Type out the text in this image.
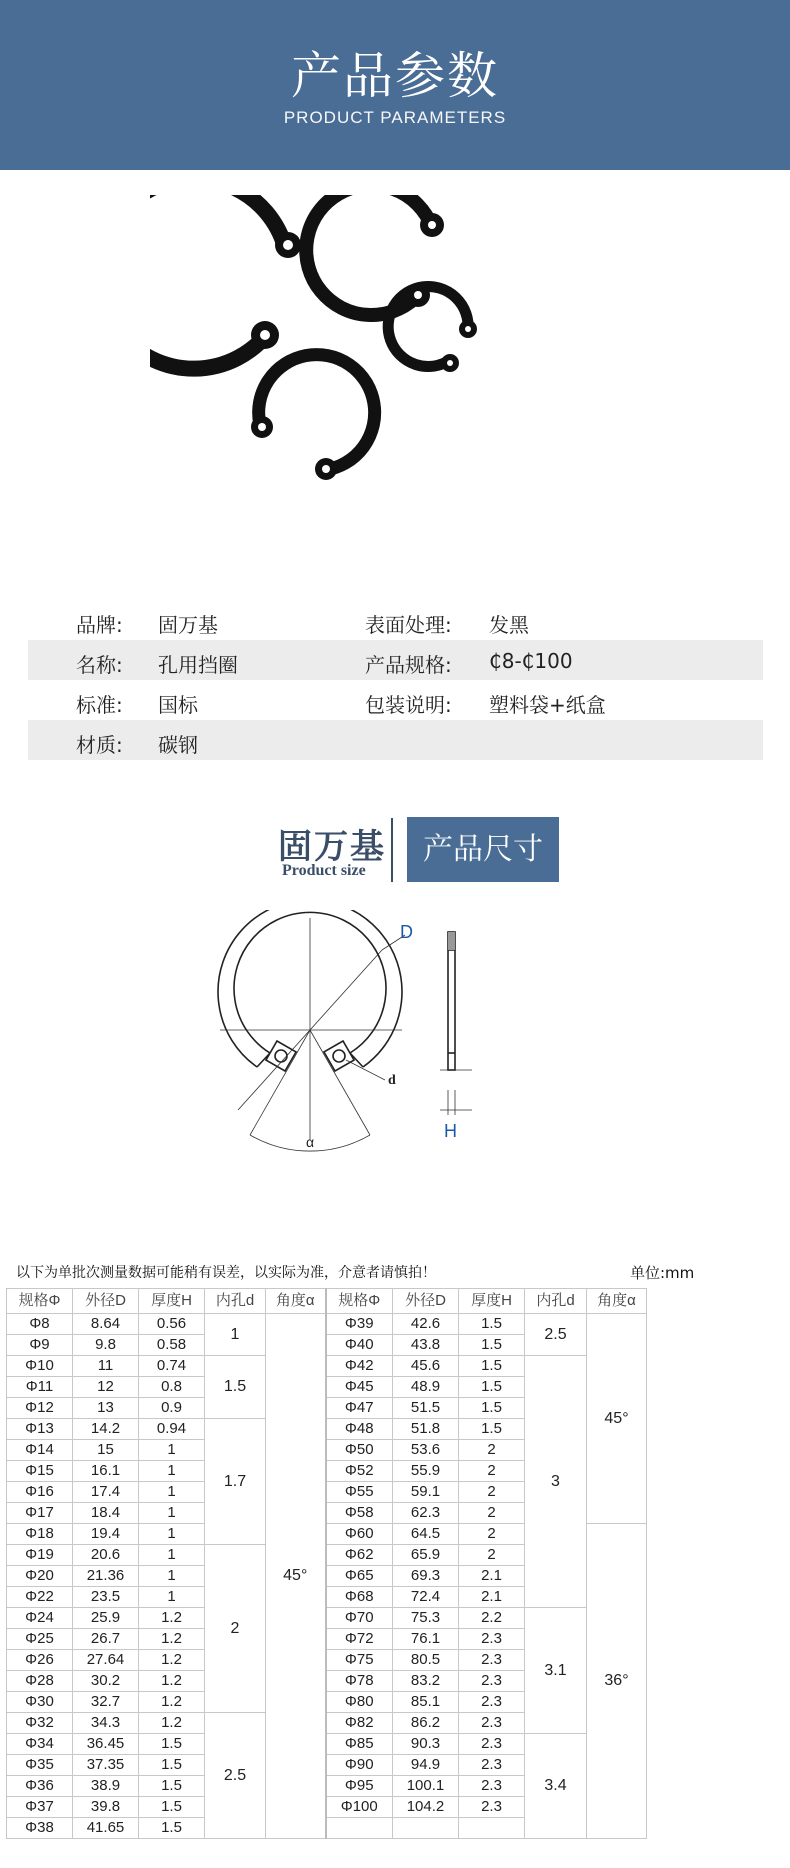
产品参数
PRODUCT PARAMETERS
品牌: 固万基	表面处理: 发黑
名称: 孔用挡圈	产品规格: ₵8-₵100
标准: 国标	包装说明: 塑料袋+纸盒
材质: 碳钢
固万基
Product size
产品尺寸
D
d
H
α
以下为单批次测量数据可能稍有误差，以实际为准，介意者请慎拍！	单位:mm
规格Φ	外径D	厚度H	内孔d	角度α	规格Φ	外径D	厚度H	内孔d	角度α
Φ8	8.64	0.56	1	45°	Φ39	42.6	1.5	2.5	45°
Φ9	9.8	0.58			Φ40	43.8	1.5		
Φ10	11	0.74	1.5		Φ42	45.6	1.5	3	
Φ11	12	0.8			Φ45	48.9	1.5		
Φ12	13	0.9			Φ47	51.5	1.5		
Φ13	14.2	0.94	1.7		Φ48	51.8	1.5		
Φ14	15	1			Φ50	53.6	2		
Φ15	16.1	1			Φ52	55.9	2		
Φ16	17.4	1			Φ55	59.1	2		
Φ17	18.4	1			Φ58	62.3	2		
Φ18	19.4	1			Φ60	64.5	2		36°
Φ19	20.6	1	2		Φ62	65.9	2		
Φ20	21.36	1			Φ65	69.3	2.1		
Φ22	23.5	1			Φ68	72.4	2.1		
Φ24	25.9	1.2			Φ70	75.3	2.2	3.1	
Φ25	26.7	1.2			Φ72	76.1	2.3		
Φ26	27.64	1.2			Φ75	80.5	2.3		
Φ28	30.2	1.2			Φ78	83.2	2.3		
Φ30	32.7	1.2			Φ80	85.1	2.3		
Φ32	34.3	1.2	2.5		Φ82	86.2	2.3		
Φ34	36.45	1.5			Φ85	90.3	2.3	3.4	
Φ35	37.35	1.5			Φ90	94.9	2.3		
Φ36	38.9	1.5			Φ95	100.1	2.3		
Φ37	39.8	1.5			Φ100	104.2	2.3		
Φ38	41.65	1.5							
